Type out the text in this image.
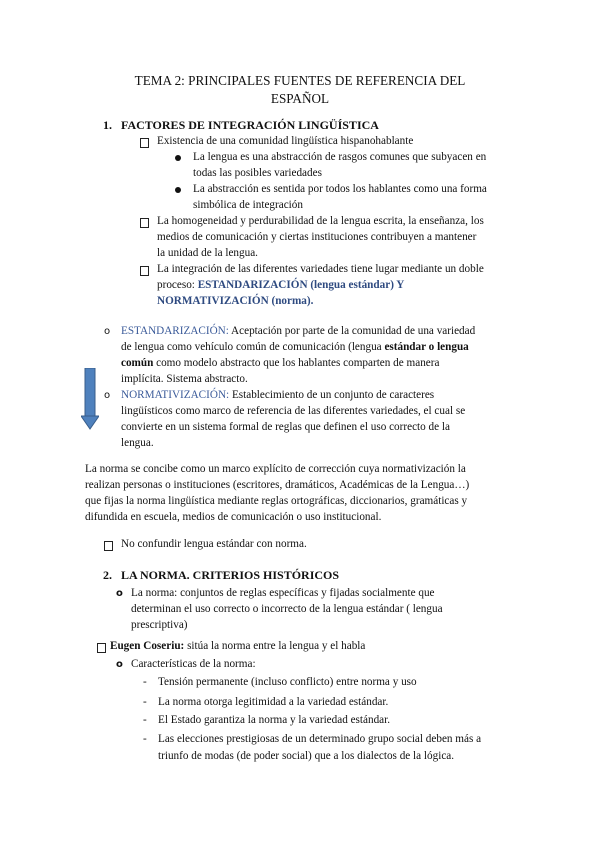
TEMA 2: PRINCIPALES FUENTES DE REFERENCIA DEL
ESPAÑOL
1. FACTORES DE INTEGRACIÓN LINGÜÍSTICA
Existencia de una comunidad lingüística hispanohablante
La lengua es una abstracción de rasgos comunes que subyacen en
todas las posibles variedades
La abstracción es sentida por todos los hablantes como una forma
simbólica de integración
La homogeneidad y perdurabilidad de la lengua escrita, la enseñanza, los
medios de comunicación y ciertas instituciones contribuyen a mantener
la unidad de la lengua.
La integración de las diferentes variedades tiene lugar mediante un doble
proceso: ESTANDARIZACIÓN (lengua estándar) Y
NORMATIVIZACIÓN (norma).
o ESTANDARIZACIÓN: Aceptación por parte de la comunidad de una variedad
de lengua como vehículo común de comunicación (lengua estándar o lengua
común como modelo abstracto que los hablantes comparten de manera
implícita. Sistema abstracto.
o NORMATIVIZACIÓN: Establecimiento de un conjunto de caracteres
lingüísticos como marco de referencia de las diferentes variedades, el cual se
convierte en un sistema formal de reglas que definen el uso correcto de la
lengua.
La norma se concibe como un marco explícito de corrección cuya normativización la
realizan personas o instituciones (escritores, dramáticos, Académicas de la Lengua…)
que fijas la norma lingüística mediante reglas ortográficas, diccionarios, gramáticas y
difundida en escuela, medios de comunicación o uso institucional.
No confundir lengua estándar con norma.
2. LA NORMA. CRITERIOS HISTÓRICOS
o La norma: conjuntos de reglas específicas y fijadas socialmente que
determinan el uso correcto o incorrecto de la lengua estándar ( lengua
prescriptiva)
Eugen Coseriu: sitúa la norma entre la lengua y el habla
o Características de la norma:
- Tensión permanente (incluso conflicto) entre norma y uso
- La norma otorga legitimidad a la variedad estándar.
- El Estado garantiza la norma y la variedad estándar.
- Las elecciones prestigiosas de un determinado grupo social deben más a
triunfo de modas (de poder social) que a los dialectos de la lógica.
